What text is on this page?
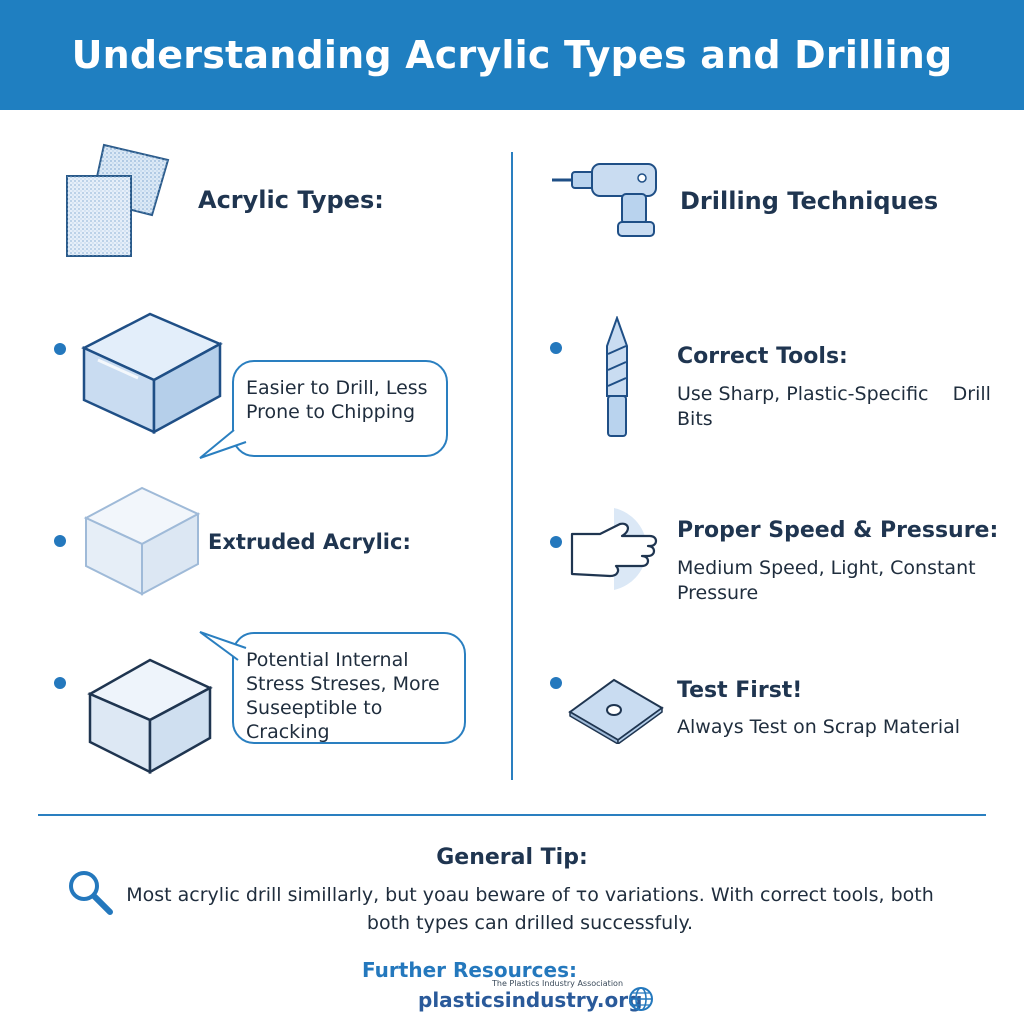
Understanding Acrylic Types and Drilling
Acrylic Types:
Easier to Drill, Less Prone to Chipping
Extruded Acrylic:
Potential Internal Stress Streses, More Suseeptible to Cracking
Drilling Techniques
Correct Tools:
Use Sharp, Plastic-Specific    Drill Bits
Proper Speed & Pressure:
Medium Speed, Light, Constant Pressure
Test First!
Always Test on Scrap Material
General Tip:
Most acrylic drill simillarly, but yoau beware of τo variations. With correct tools, both
both types can drilled successfuly.
Further Resources:
The Plastics Industry Association
plasticsindustry.org
